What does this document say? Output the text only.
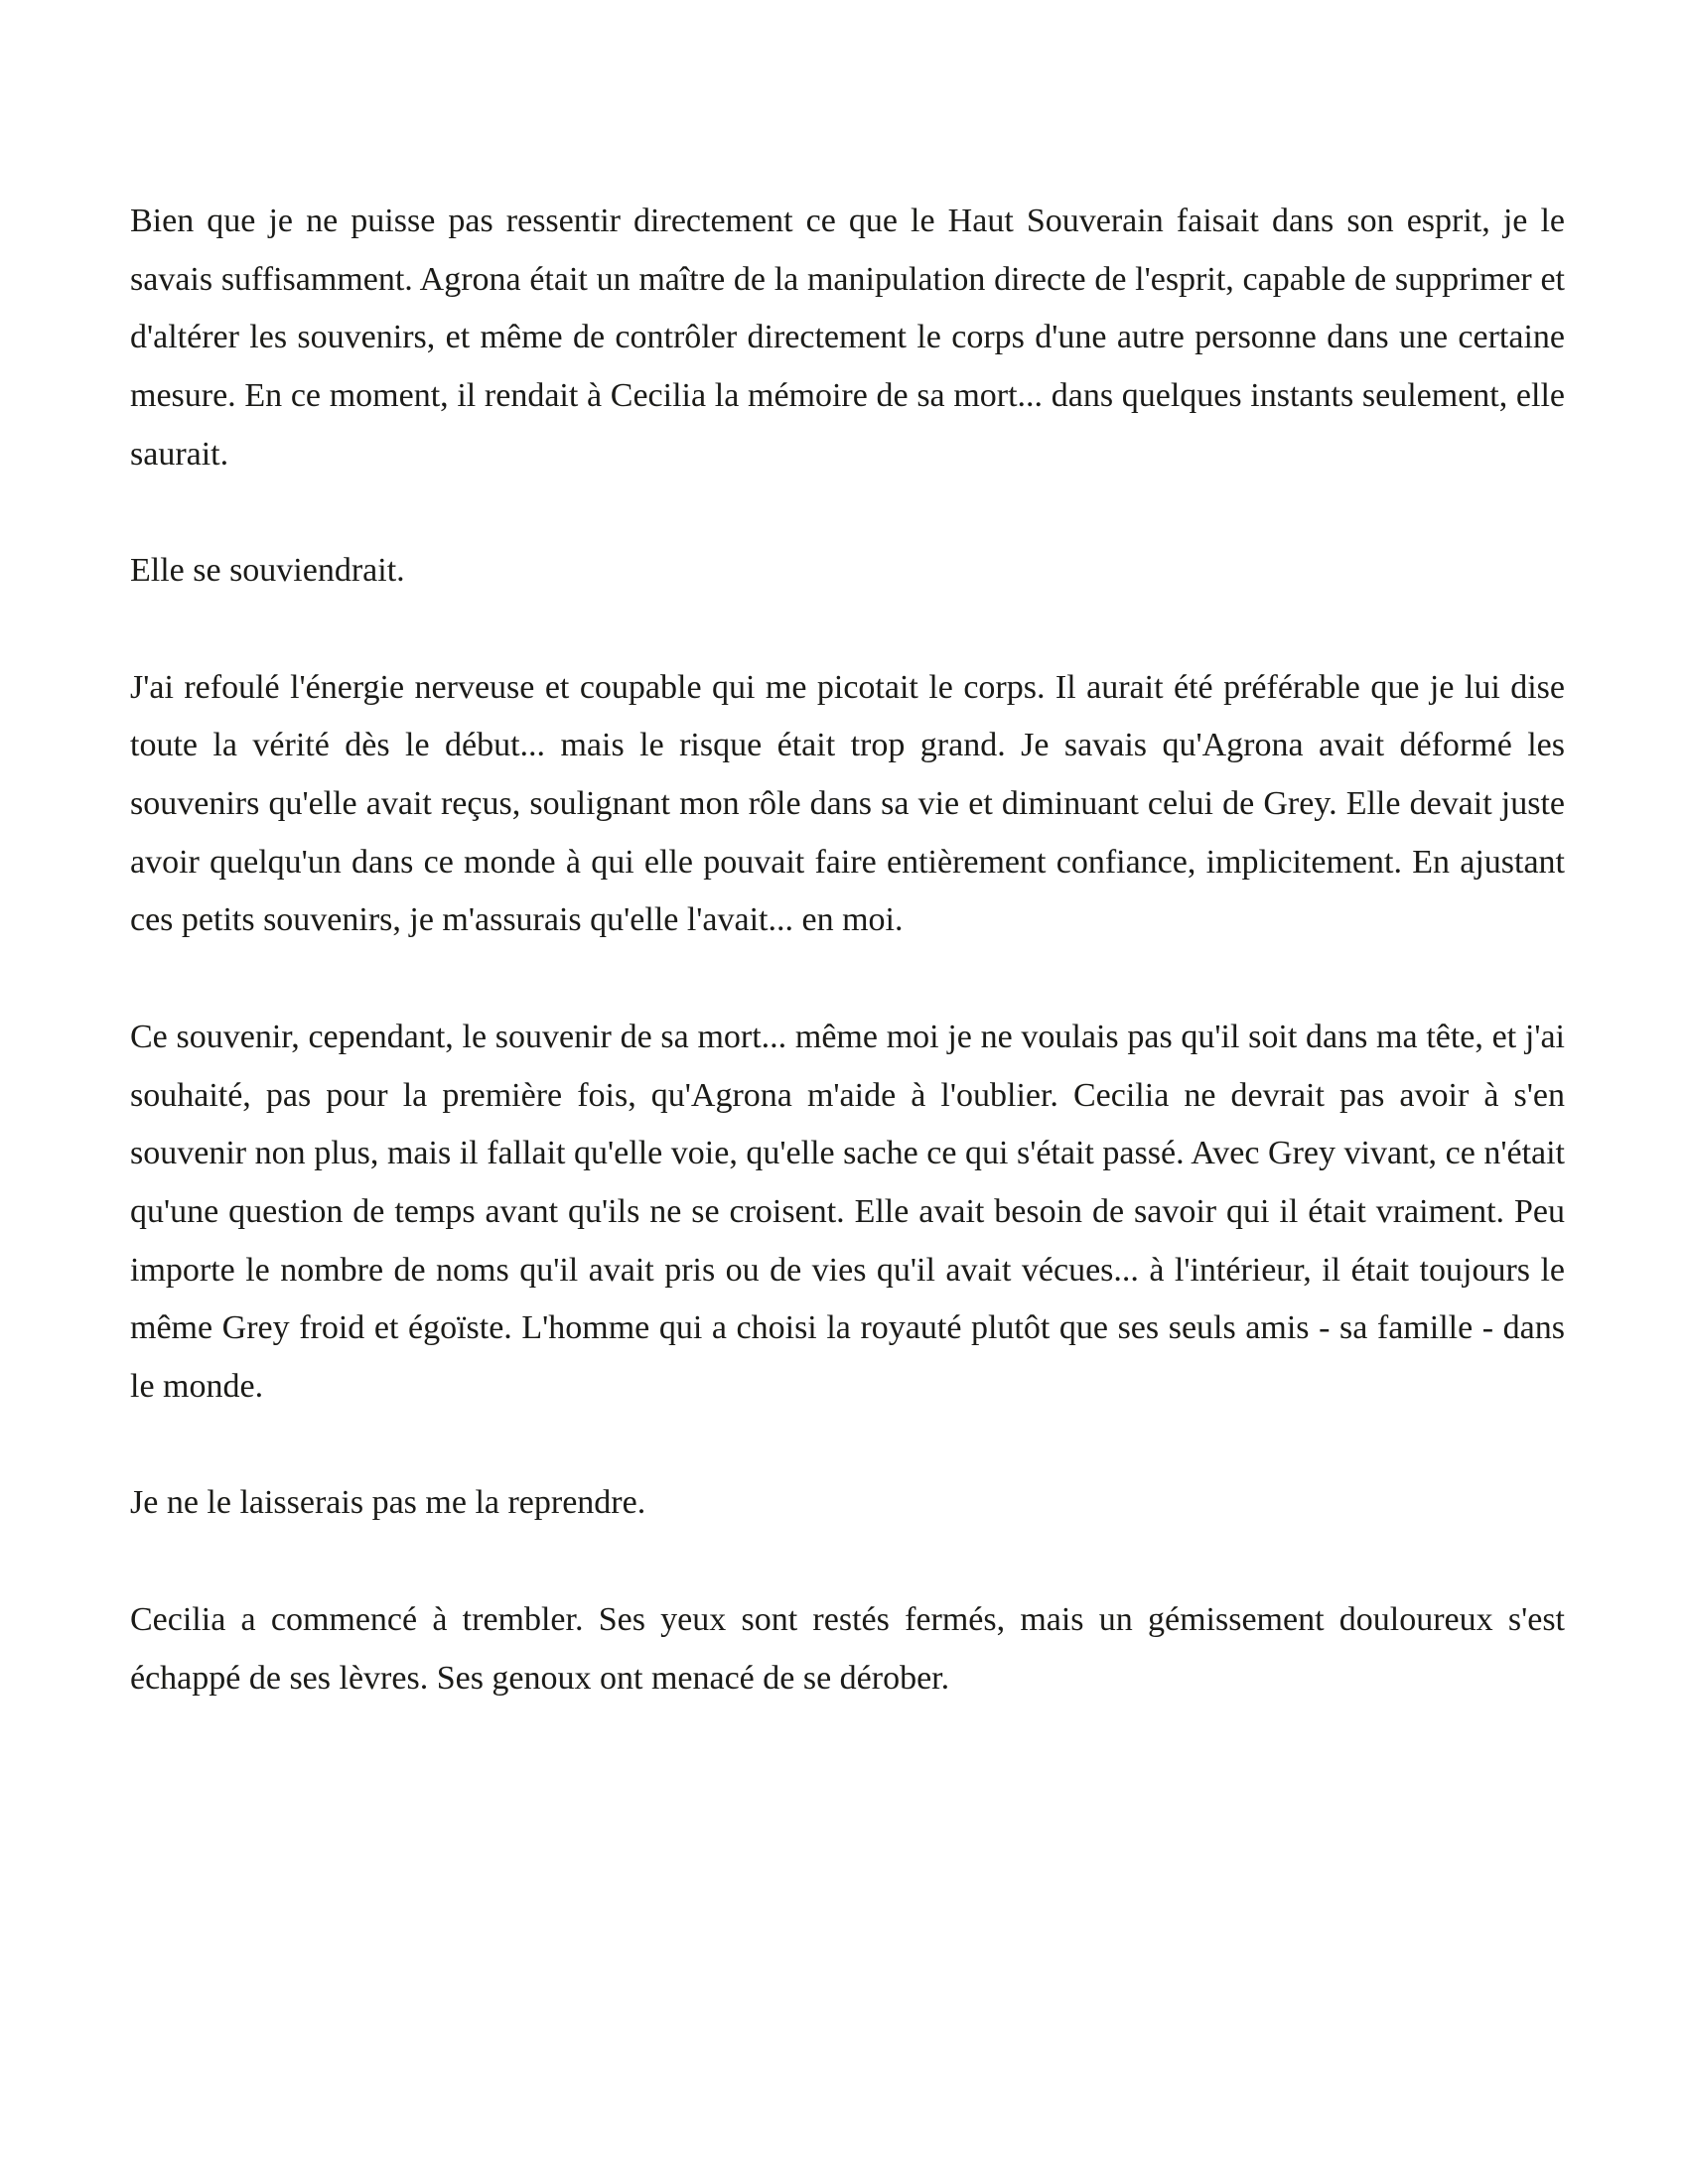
Bien que je ne puisse pas ressentir directement ce que le Haut Souverain faisait dans son esprit, je le savais suffisamment. Agrona était un maître de la manipulation directe de l'esprit, capable de supprimer et d'altérer les souvenirs, et même de contrôler directement le corps d'une autre personne dans une certaine mesure. En ce moment, il rendait à Cecilia la mémoire de sa mort... dans quelques instants seulement, elle saurait.

Elle se souviendrait.

J'ai refoulé l'énergie nerveuse et coupable qui me picotait le corps. Il aurait été préférable que je lui dise toute la vérité dès le début... mais le risque était trop grand. Je savais qu'Agrona avait déformé les souvenirs qu'elle avait reçus, soulignant mon rôle dans sa vie et diminuant celui de Grey. Elle devait juste avoir quelqu'un dans ce monde à qui elle pouvait faire entièrement confiance, implicitement. En ajustant ces petits souvenirs, je m'assurais qu'elle l'avait... en moi.

Ce souvenir, cependant, le souvenir de sa mort... même moi je ne voulais pas qu'il soit dans ma tête, et j'ai souhaité, pas pour la première fois, qu'Agrona m'aide à l'oublier. Cecilia ne devrait pas avoir à s'en souvenir non plus, mais il fallait qu'elle voie, qu'elle sache ce qui s'était passé. Avec Grey vivant, ce n'était qu'une question de temps avant qu'ils ne se croisent. Elle avait besoin de savoir qui il était vraiment. Peu importe le nombre de noms qu'il avait pris ou de vies qu'il avait vécues... à l'intérieur, il était toujours le même Grey froid et égoïste. L'homme qui a choisi la royauté plutôt que ses seuls amis - sa famille - dans le monde.

Je ne le laisserais pas me la reprendre.

Cecilia a commencé à trembler. Ses yeux sont restés fermés, mais un gémissement douloureux s'est échappé de ses lèvres. Ses genoux ont menacé de se dérober.
